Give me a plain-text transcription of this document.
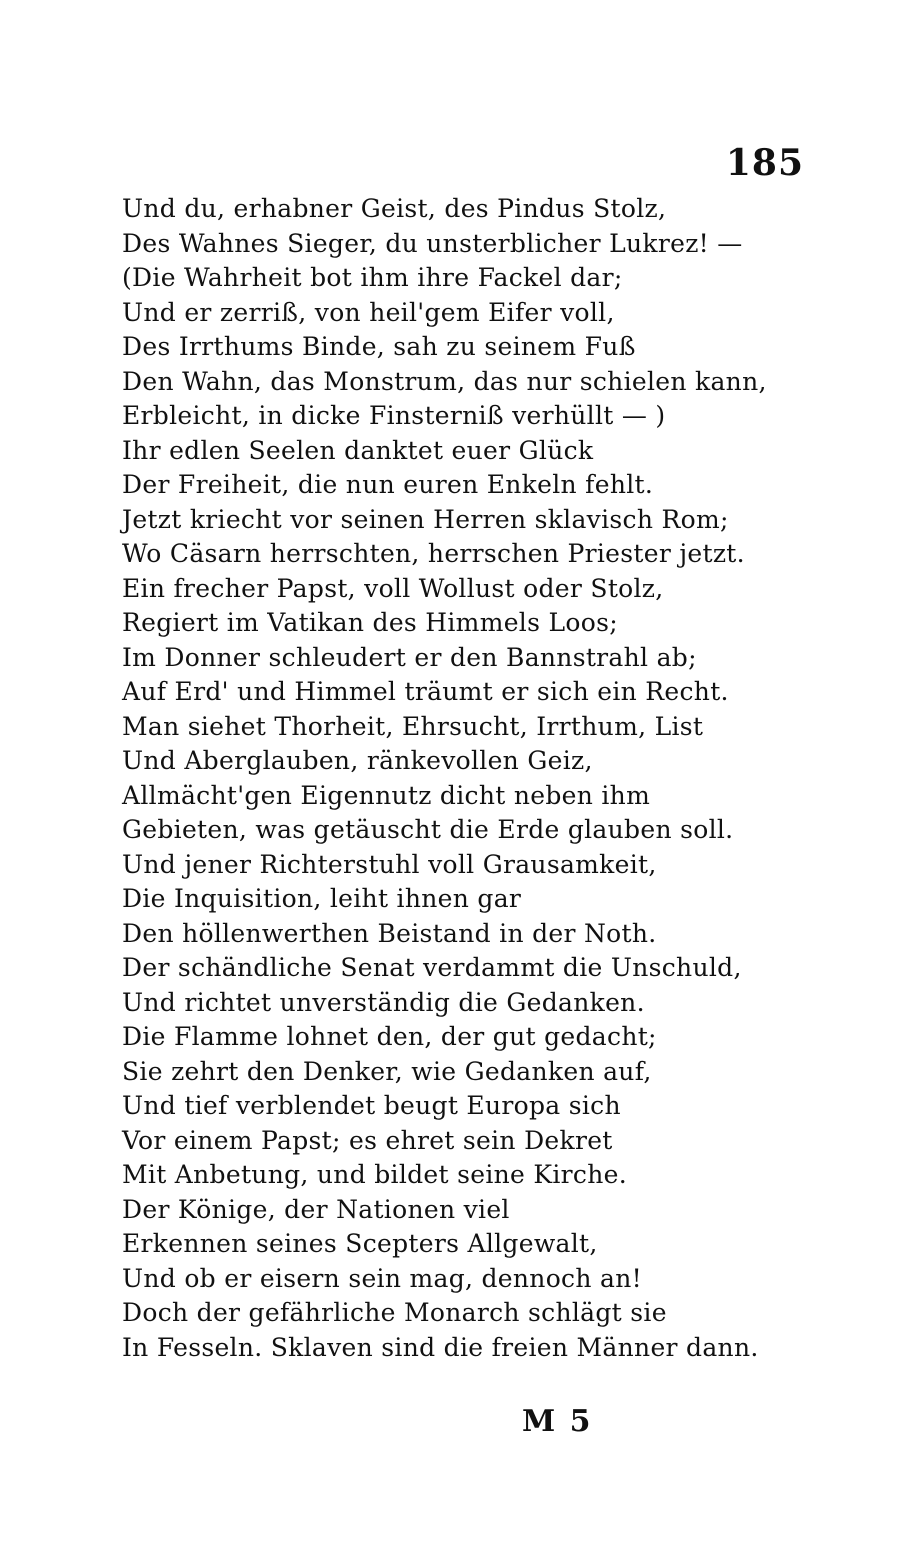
185
Und du, erhabner Geist, des Pindus Stolz,
Des Wahnes Sieger, du unsterblicher Lukrez! —
(Die Wahrheit bot ihm ihre Fackel dar;
Und er zerriß, von heil'gem Eifer voll,
Des Irrthums Binde, sah zu seinem Fuß
Den Wahn, das Monstrum, das nur schielen kann,
Erbleicht, in dicke Finsterniß verhüllt — )
Ihr edlen Seelen danktet euer Glück
Der Freiheit, die nun euren Enkeln fehlt.
Jetzt kriecht vor seinen Herren sklavisch Rom;
Wo Cäsarn herrschten, herrschen Priester jetzt.
Ein frecher Papst, voll Wollust oder Stolz,
Regiert im Vatikan des Himmels Loos;
Im Donner schleudert er den Bannstrahl ab;
Auf Erd' und Himmel träumt er sich ein Recht.
Man siehet Thorheit, Ehrsucht, Irrthum, List
Und Aberglauben, ränkevollen Geiz,
Allmächt'gen Eigennutz dicht neben ihm
Gebieten, was getäuscht die Erde glauben soll.
Und jener Richterstuhl voll Grausamkeit,
Die Inquisition, leiht ihnen gar
Den höllenwerthen Beistand in der Noth.
Der schändliche Senat verdammt die Unschuld,
Und richtet unverständig die Gedanken.
Die Flamme lohnet den, der gut gedacht;
Sie zehrt den Denker, wie Gedanken auf,
Und tief verblendet beugt Europa sich
Vor einem Papst; es ehret sein Dekret
Mit Anbetung, und bildet seine Kirche.
Der Könige, der Nationen viel
Erkennen seines Scepters Allgewalt,
Und ob er eisern sein mag, dennoch an!
Doch der gefährliche Monarch schlägt sie
In Fesseln. Sklaven sind die freien Männer dann.
M 5
